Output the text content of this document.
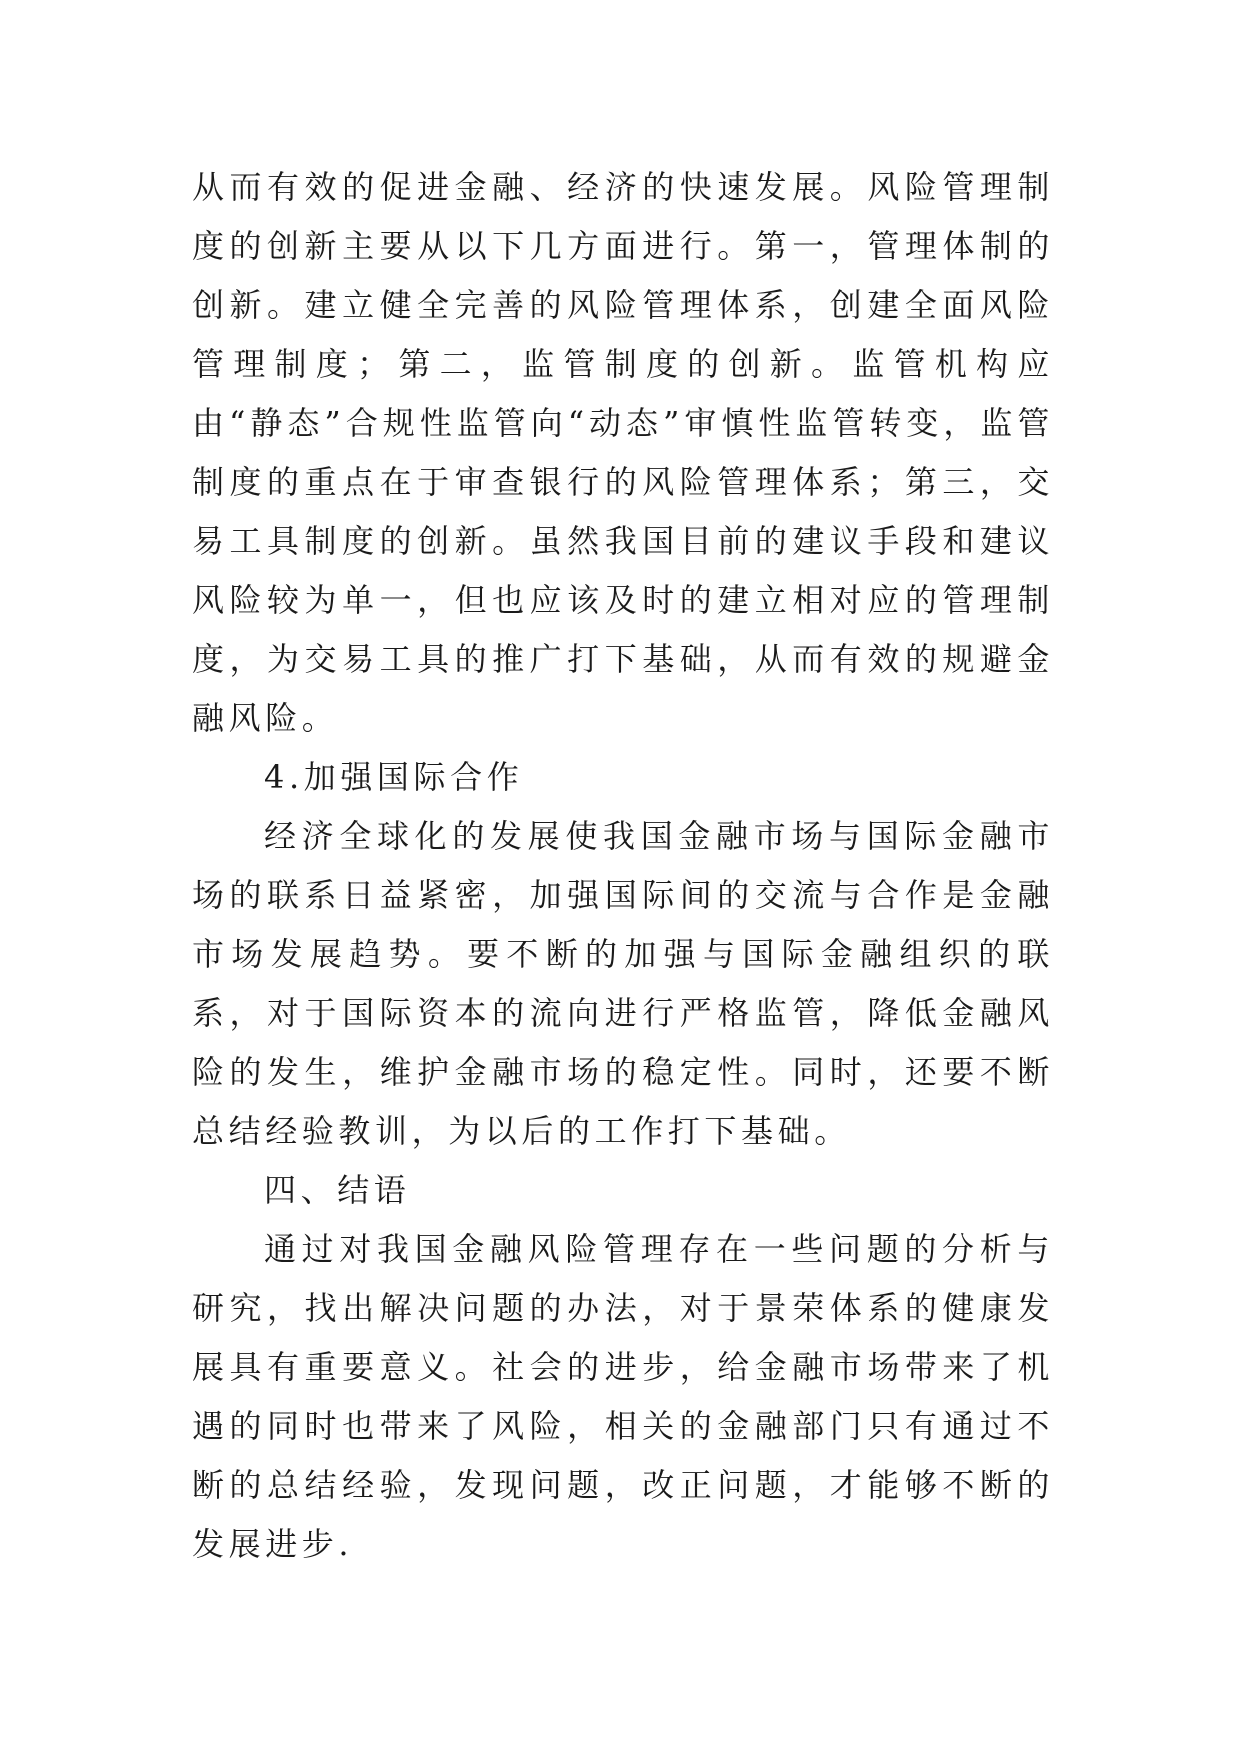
从而有效的促进金融、经济的快速发展。风险管理制度的创新主要从以下几方面进行。第一，管理体制的创新。建立健全完善的风险管理体系，创建全面风险管理制度；第二，监管制度的创新。监管机构应由“静态”合规性监管向“动态”审慎性监管转变，监管制度的重点在于审查银行的风险管理体系；第三，交易工具制度的创新。虽然我国目前的建议手段和建议风险较为单一，但也应该及时的建立相对应的管理制度，为交易工具的推广打下基础，从而有效的规避金融风险。

4.加强国际合作

经济全球化的发展使我国金融市场与国际金融市场的联系日益紧密，加强国际间的交流与合作是金融市场发展趋势。要不断的加强与国际金融组织的联系，对于国际资本的流向进行严格监管，降低金融风险的发生，维护金融市场的稳定性。同时，还要不断总结经验教训，为以后的工作打下基础。

四、结语

通过对我国金融风险管理存在一些问题的分析与研究，找出解决问题的办法，对于景荣体系的健康发展具有重要意义。社会的进步，给金融市场带来了机遇的同时也带来了风险，相关的金融部门只有通过不断的总结经验，发现问题，改正问题，才能够不断的发展进步.
